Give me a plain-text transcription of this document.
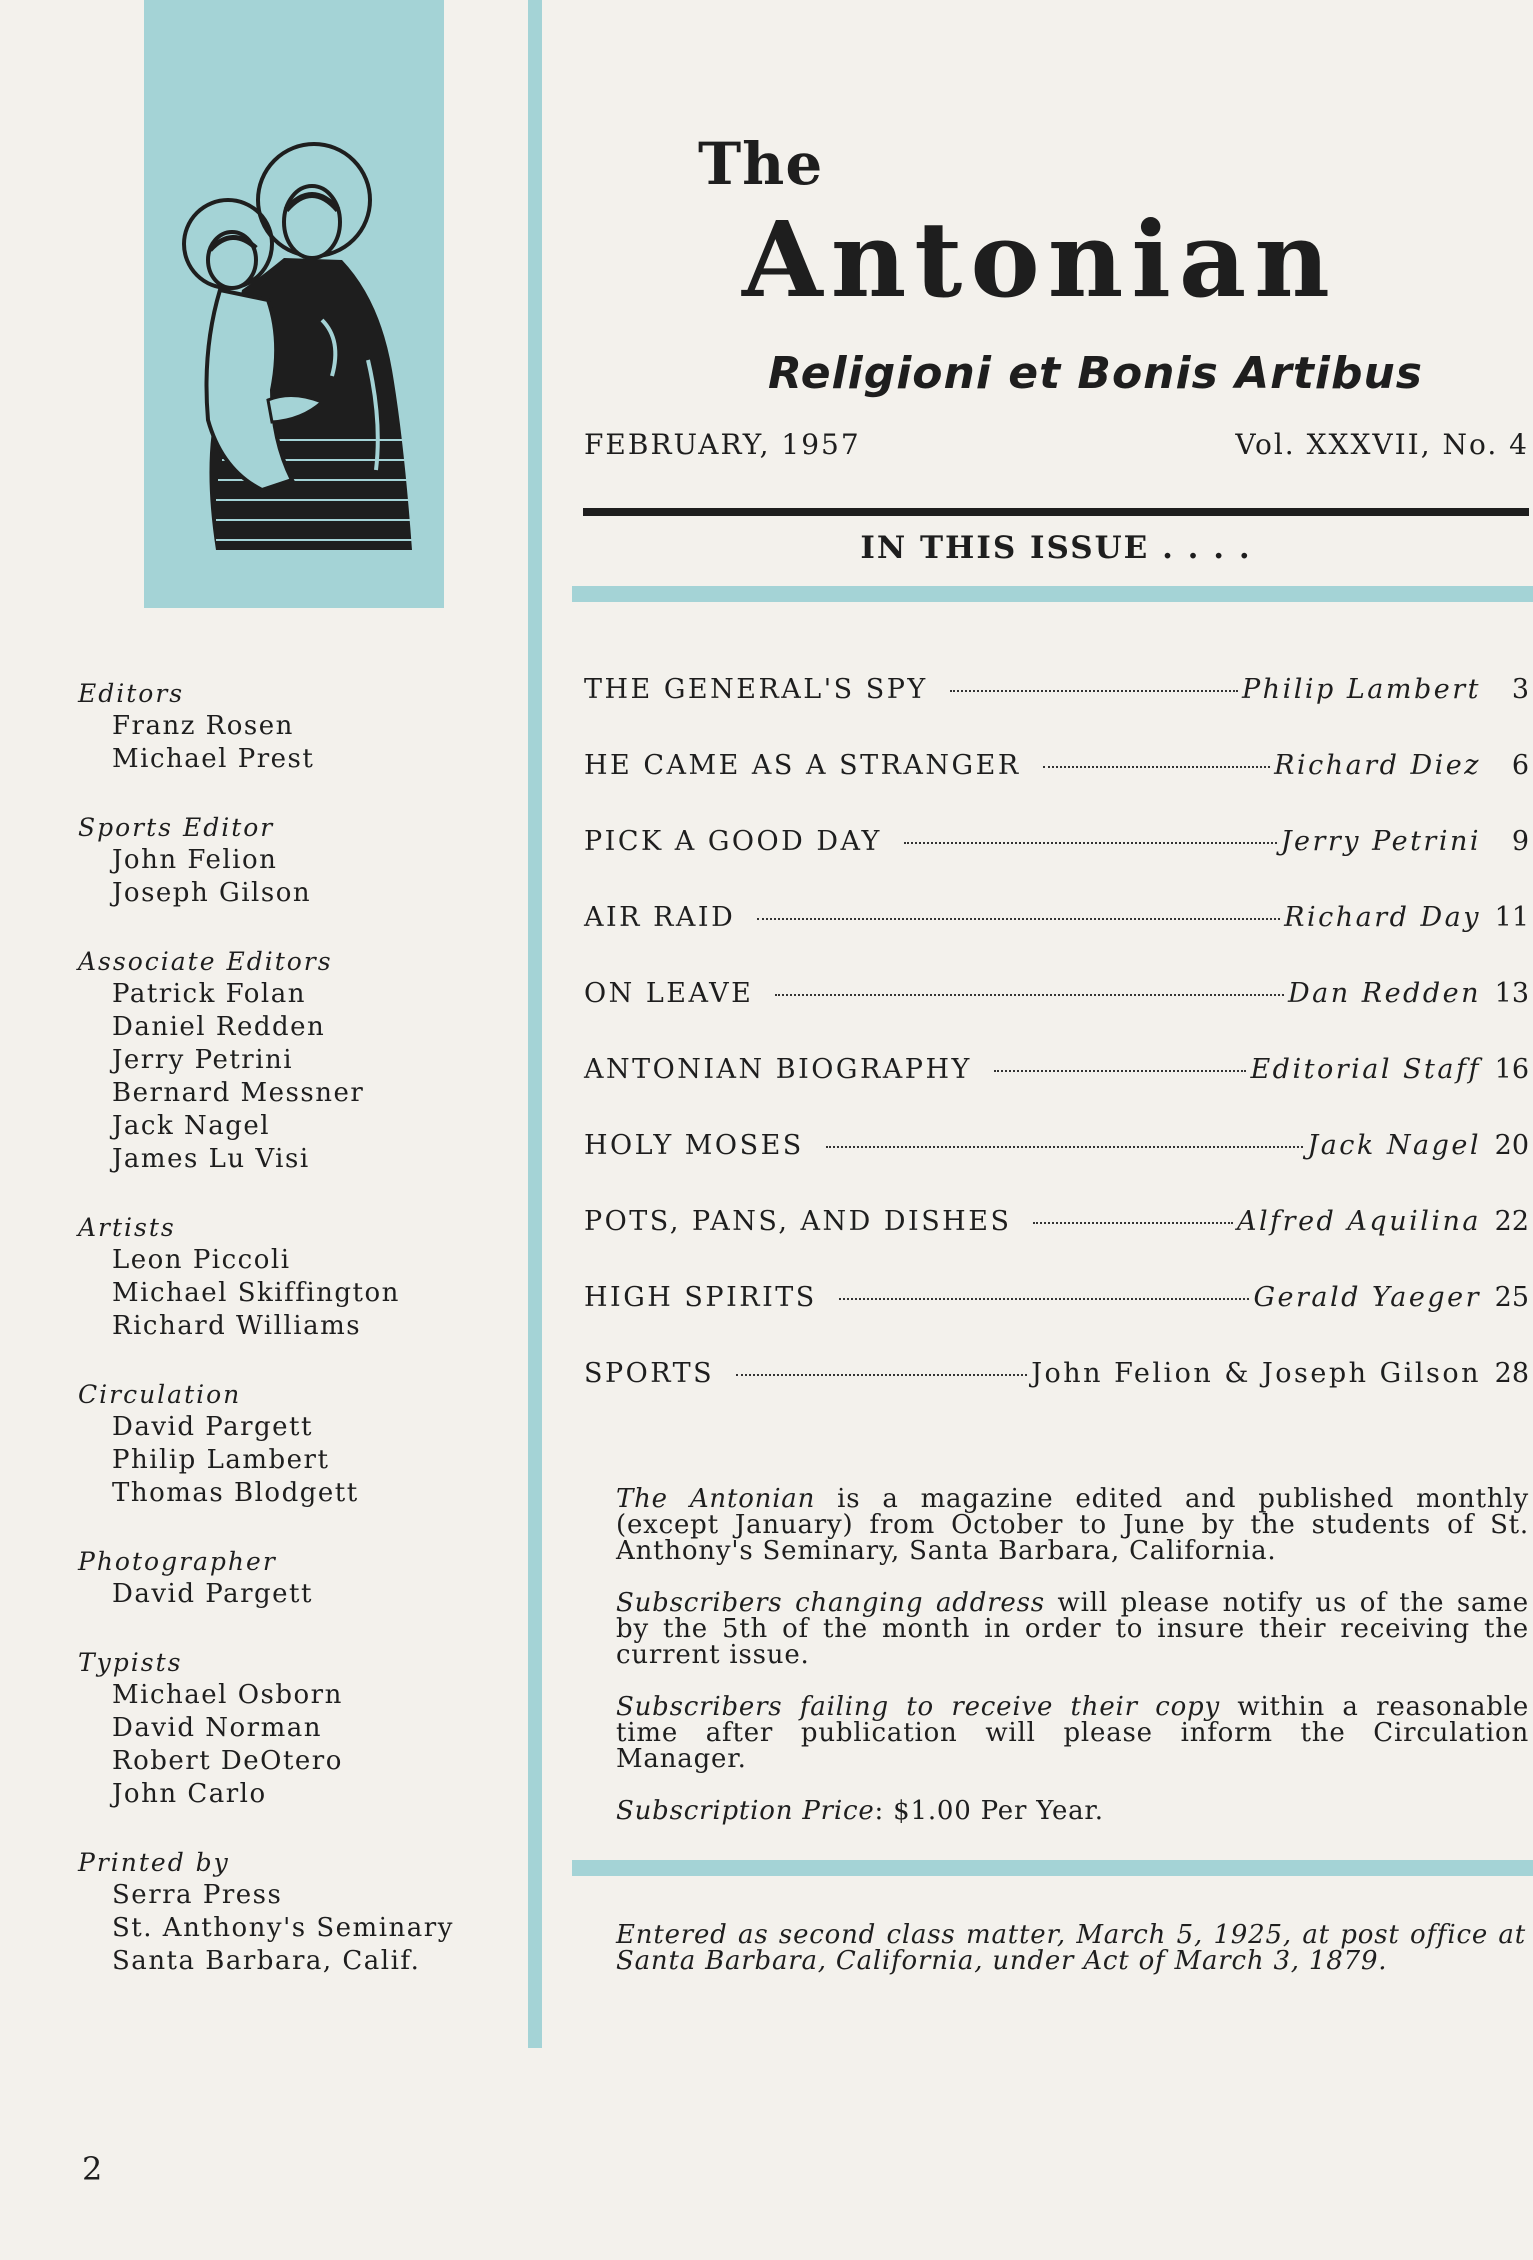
The
Antonian
Religioni et Bonis Artibus
FEBRUARY, 1957	Vol. XXXVII, No. 4
IN THIS ISSUE . . . .
Editors
Franz Rosen
Michael Prest
Sports Editor
John Felion
Joseph Gilson
Associate Editors
Patrick Folan
Daniel Redden
Jerry Petrini
Bernard Messner
Jack Nagel
James Lu Visi
Artists
Leon Piccoli
Michael Skiffington
Richard Williams
Circulation
David Pargett
Philip Lambert
Thomas Blodgett
Photographer
David Pargett
Typists
Michael Osborn
David Norman
Robert DeOtero
John Carlo
Printed by
Serra Press
St. Anthony's Seminary
Santa Barbara, Calif.
THE GENERAL'S SPY	Philip Lambert	3
HE CAME AS A STRANGER	Richard Diez	6
PICK A GOOD DAY	Jerry Petrini	9
AIR RAID	Richard Day 11
ON LEAVE	Dan Redden 13
ANTONIAN BIOGRAPHY	Editorial Staff 16
HOLY MOSES	Jack Nagel 20
POTS, PANS, AND DISHES	Alfred Aquilina 22
HIGH SPIRITS	Gerald Yaeger 25
SPORTS	John Felion & Joseph Gilson 28

The Antonian is a magazine edited and published monthly (except January) from October to June by the students of St. Anthony's Seminary, Santa Barbara, California.

Subscribers changing address will please notify us of the same by the 5th of the month in order to insure their receiving the current issue.

Subscribers failing to receive their copy within a reasonable time after publication will please inform the Circulation Manager.

Subscription Price: $1.00 Per Year.

Entered as second class matter, March 5, 1925, at post office at Santa Barbara, California, under Act of March 3, 1879.
2
